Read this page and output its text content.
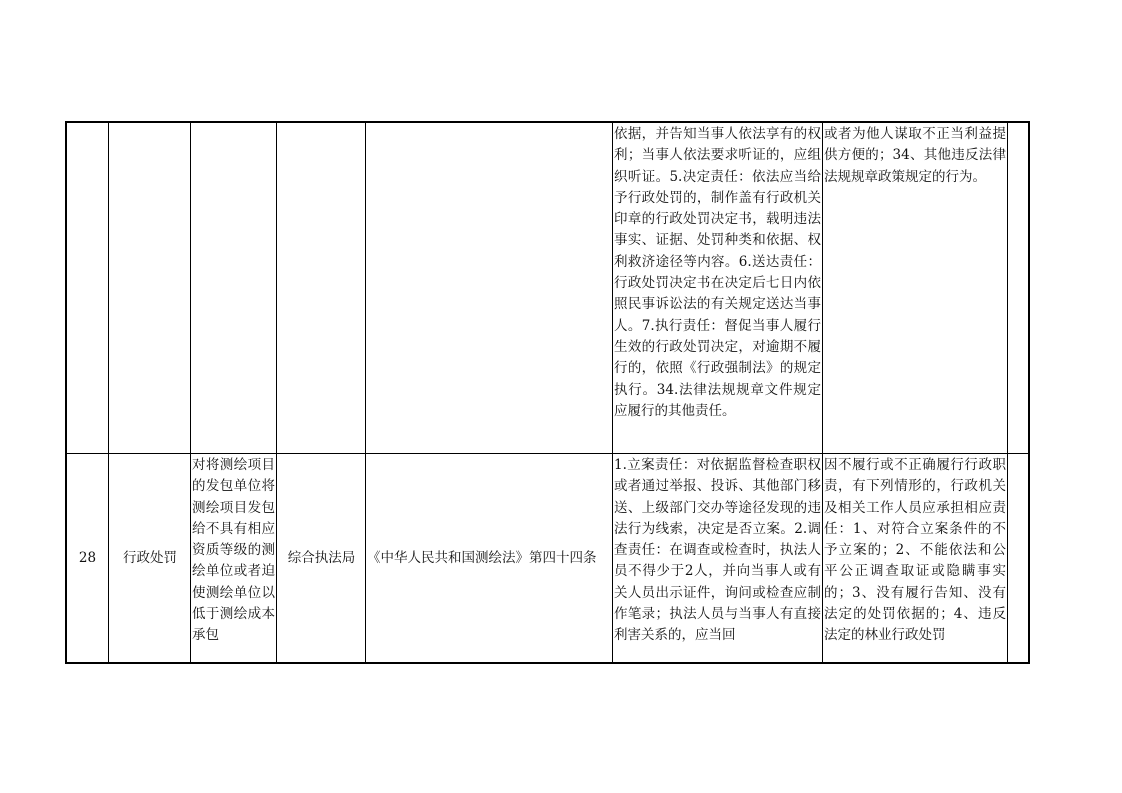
依据，并告知当事人依法享有的权利；当事人依法要求听证的，应组织听证。5.决定责任：依法应当给予行政处罚的，制作盖有行政机关印章的行政处罚决定书，载明违法事实、证据、处罚种类和依据、权利救济途径等内容。6.送达责任：行政处罚决定书在决定后七日内依照民事诉讼法的有关规定送达当事人。7.执行责任：督促当事人履行生效的行政处罚决定，对逾期不履行的，依照《行政强制法》的规定执行。34.法律法规规章文件规定应履行的其他责任。
或者为他人谋取不正当利益提供方便的；34、其他违反法律法规规章政策规定的行为。
28	行政处罚
对将测绘项目的发包单位将测绘项目发包给不具有相应资质等级的测绘单位或者迫使测绘单位以低于测绘成本承包
综合执法局 《中华人民共和国测绘法》第四十四条
1.立案责任：对依据监督检查职权或者通过举报、投诉、其他部门移送、上级部门交办等途径发现的违法行为线索，决定是否立案。2.调查责任：在调查或检查时，执法人员不得少于2人，并向当事人或有关人员出示证件，询问或检查应制作笔录；执法人员与当事人有直接利害关系的，应当回
因不履行或不正确履行行政职责，有下列情形的，行政机关及相关工作人员应承担相应责任：1、对符合立案条件的不予立案的；2、不能依法和公平公正调查取证或隐瞒事实的；3、没有履行告知、没有法定的处罚依据的；4、违反法定的林业行政处罚
